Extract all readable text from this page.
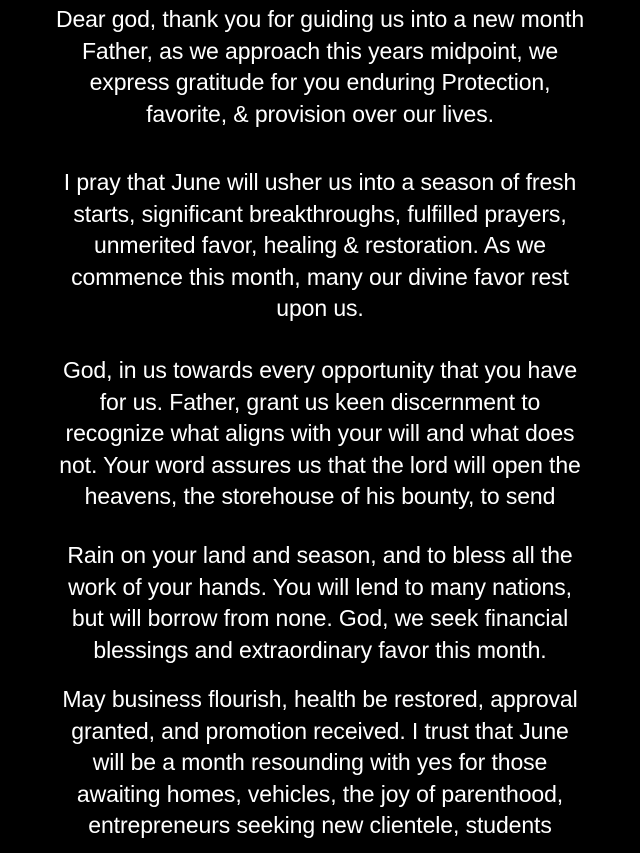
Dear god, thank you for guiding us into a new month
Father, as we approach this years midpoint, we
express gratitude for you enduring Protection,
favorite, & provision over our lives.

I pray that June will usher us into a season of fresh
starts, significant breakthroughs, fulfilled prayers,
unmerited favor, healing & restoration. As we
commence this month, many our divine favor rest
upon us.

God, in us towards every opportunity that you have
for us. Father, grant us keen discernment to
recognize what aligns with your will and what does
not. Your word assures us that the lord will open the
heavens, the storehouse of his bounty, to send

Rain on your land and season, and to bless all the
work of your hands. You will lend to many nations,
but will borrow from none. God, we seek financial
blessings and extraordinary favor this month.

May business flourish, health be restored, approval
granted, and promotion received. I trust that June
will be a month resounding with yes for those
awaiting homes, vehicles, the joy of parenthood,
entrepreneurs seeking new clientele, students
